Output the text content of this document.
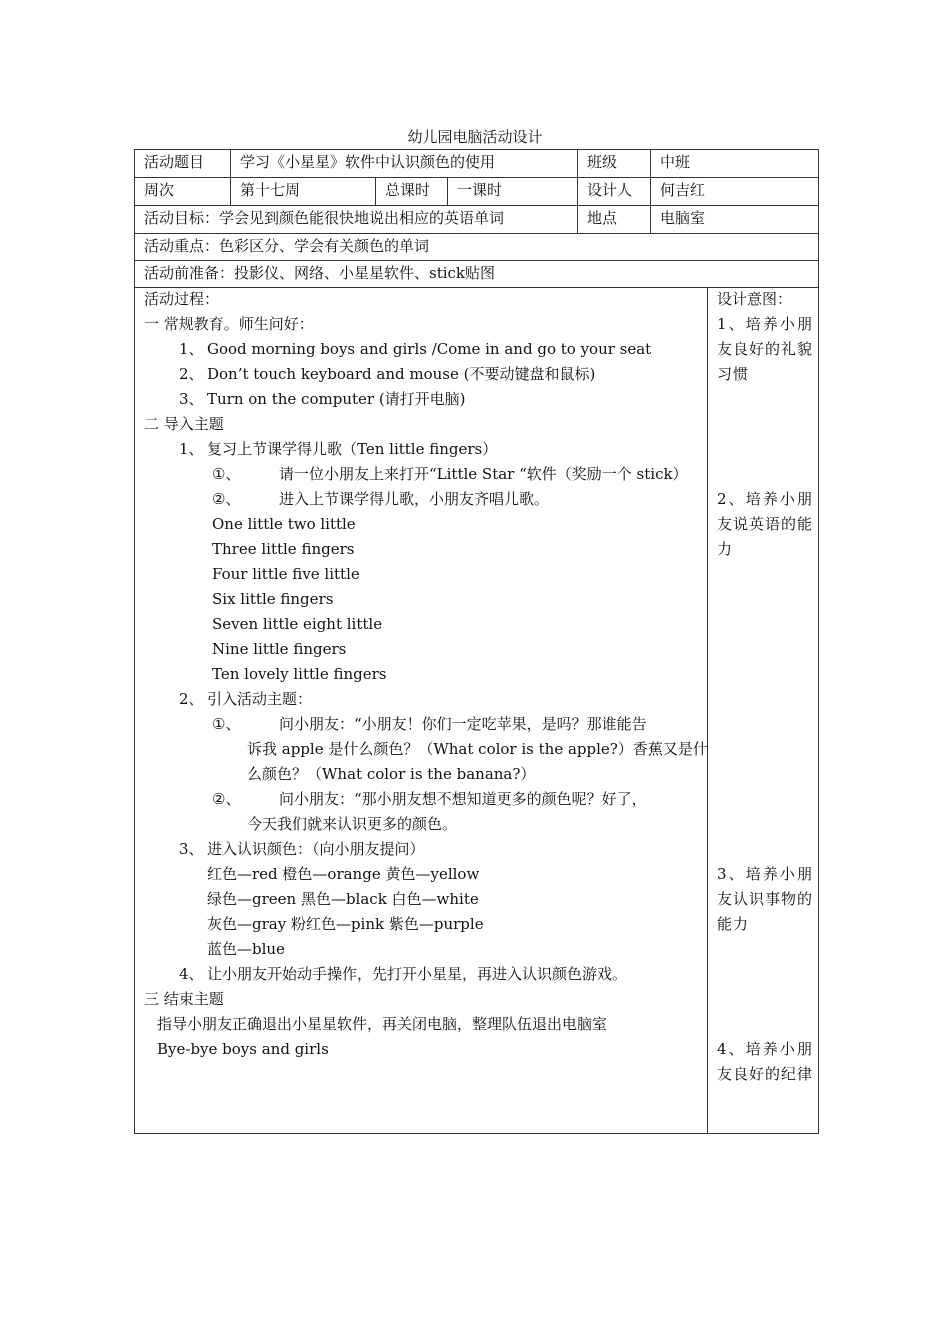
幼儿园电脑活动设计
活动题目 学习《小星星》软件中认识颜色的使用	班级	中班
周次	第十七周	总课时 一课时	设计人 何吉红
活动目标：学会见到颜色能很快地说出相应的英语单词	地点	电脑室
活动重点：色彩区分、学会有关颜色的单词
活动前准备：投影仪、网络、小星星软件、stick贴图
活动过程：
一 常规教育。师生问好：
1、 Good morning boys and girls /Come in and go to your seat
2、 Don’t touch keyboard and mouse (不要动键盘和鼠标)
3、 Turn on the computer (请打开电脑)
二 导入主题
1、 复习上节课学得儿歌（Ten little fingers）
①、	请一位小朋友上来打开“Little Star “软件（奖励一个 stick）
②、	进入上节课学得儿歌，小朋友齐唱儿歌。
One little two little
Three little fingers
Four little five little
Six little fingers
Seven little eight little
Nine little fingers
Ten lovely little fingers
2、 引入活动主题：
①、	问小朋友：“小朋友！你们一定吃苹果，是吗？那谁能告
诉我 apple 是什么颜色？（What color is the apple?）香蕉又是什
么颜色？（What color is the banana?）
②、	问小朋友：“那小朋友想不想知道更多的颜色呢？好了，
今天我们就来认识更多的颜色。
3、 进入认识颜色：（向小朋友提问）
红色—red 橙色—orange 黄色—yellow
绿色—green 黑色—black 白色—white
灰色—gray 粉红色—pink 紫色—purple
蓝色—blue
4、 让小朋友开始动手操作，先打开小星星，再进入认识颜色游戏。
三 结束主题
指导小朋友正确退出小星星软件，再关闭电脑，整理队伍退出电脑室
Bye-bye boys and girls
设计意图：
1、培养小朋友良好的礼貌习惯
2、培养小朋友说英语的能力
3、培养小朋友认识事物的能力
4、培养小朋友良好的纪律
